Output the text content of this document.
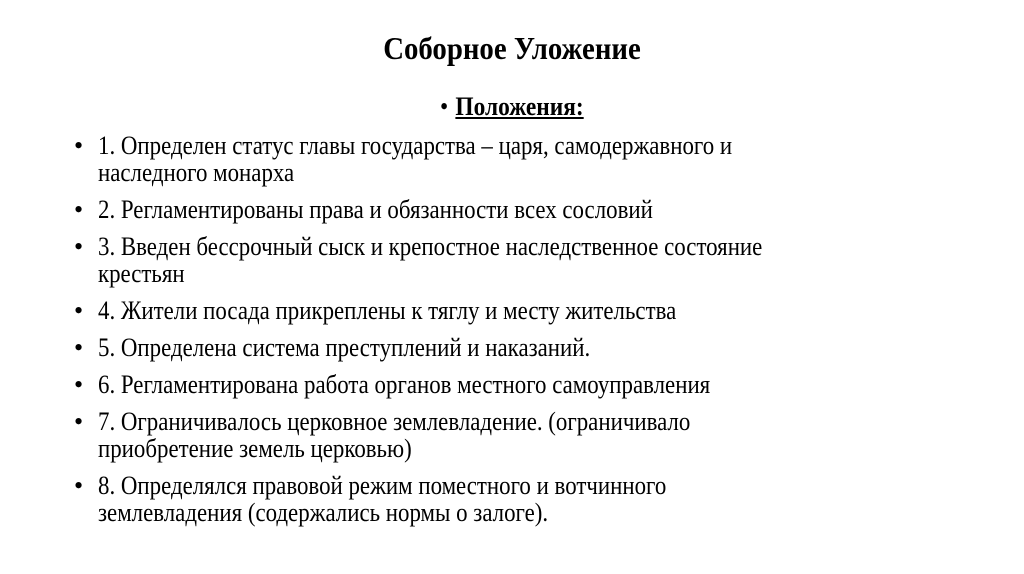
Соборное Уложение
• Положения:
• 1. Определен статус главы государства – царя, самодержавного и
наследного монарха
• 2. Регламентированы права и обязанности всех сословий
• 3. Введен бессрочный сыск и крепостное наследственное состояние
крестьян
• 4. Жители посада прикреплены к тяглу и месту жительства
• 5. Определена система преступлений и наказаний.
• 6. Регламентирована работа органов местного самоуправления
• 7. Ограничивалось церковное землевладение. (ограничивало
приобретение земель церковью)
• 8. Определялся правовой режим поместного и вотчинного
землевладения (содержались нормы о залоге).
